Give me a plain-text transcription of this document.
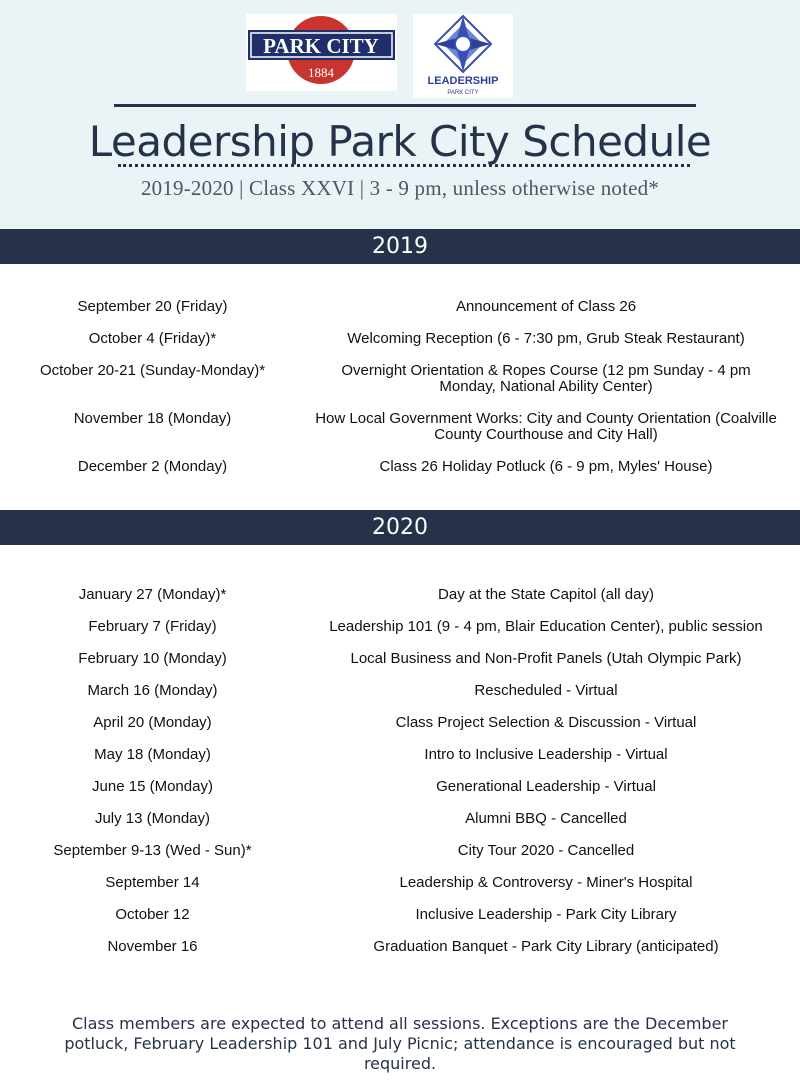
PARK CITY
1884
LEADERSHIP
PARK CITY
Leadership Park City Schedule
2019-2020 | Class XXVI | 3 - 9 pm, unless otherwise noted*
2019
September 20 (Friday)	Announcement of Class 26
October 4 (Friday)*	Welcoming Reception (6 - 7:30 pm, Grub Steak Restaurant)
October 20-21 (Sunday-Monday)*	Overnight Orientation & Ropes Course (12 pm Sunday - 4 pm Monday, National Ability Center)
November 18 (Monday)	How Local Government Works: City and County Orientation (Coalville County Courthouse and City Hall)
December 2 (Monday)	Class 26 Holiday Potluck (6 - 9 pm, Myles' House)
2020
January 27 (Monday)*	Day at the State Capitol (all day)
February 7 (Friday)	Leadership 101 (9 - 4 pm, Blair Education Center), public session
February 10 (Monday)	Local Business and Non-Profit Panels (Utah Olympic Park)
March 16 (Monday)	Rescheduled - Virtual
April 20 (Monday)	Class Project Selection & Discussion - Virtual
May 18 (Monday)	Intro to Inclusive Leadership - Virtual
June 15 (Monday)	Generational Leadership - Virtual
July 13 (Monday)	Alumni BBQ - Cancelled
September 9-13 (Wed - Sun)*	City Tour 2020 - Cancelled
September 14	Leadership & Controversy - Miner's Hospital
October 12	Inclusive Leadership - Park City Library
November 16	Graduation Banquet - Park City Library (anticipated)
Class members are expected to attend all sessions. Exceptions are the December potluck, February Leadership 101 and July Picnic; attendance is encouraged but not required.
